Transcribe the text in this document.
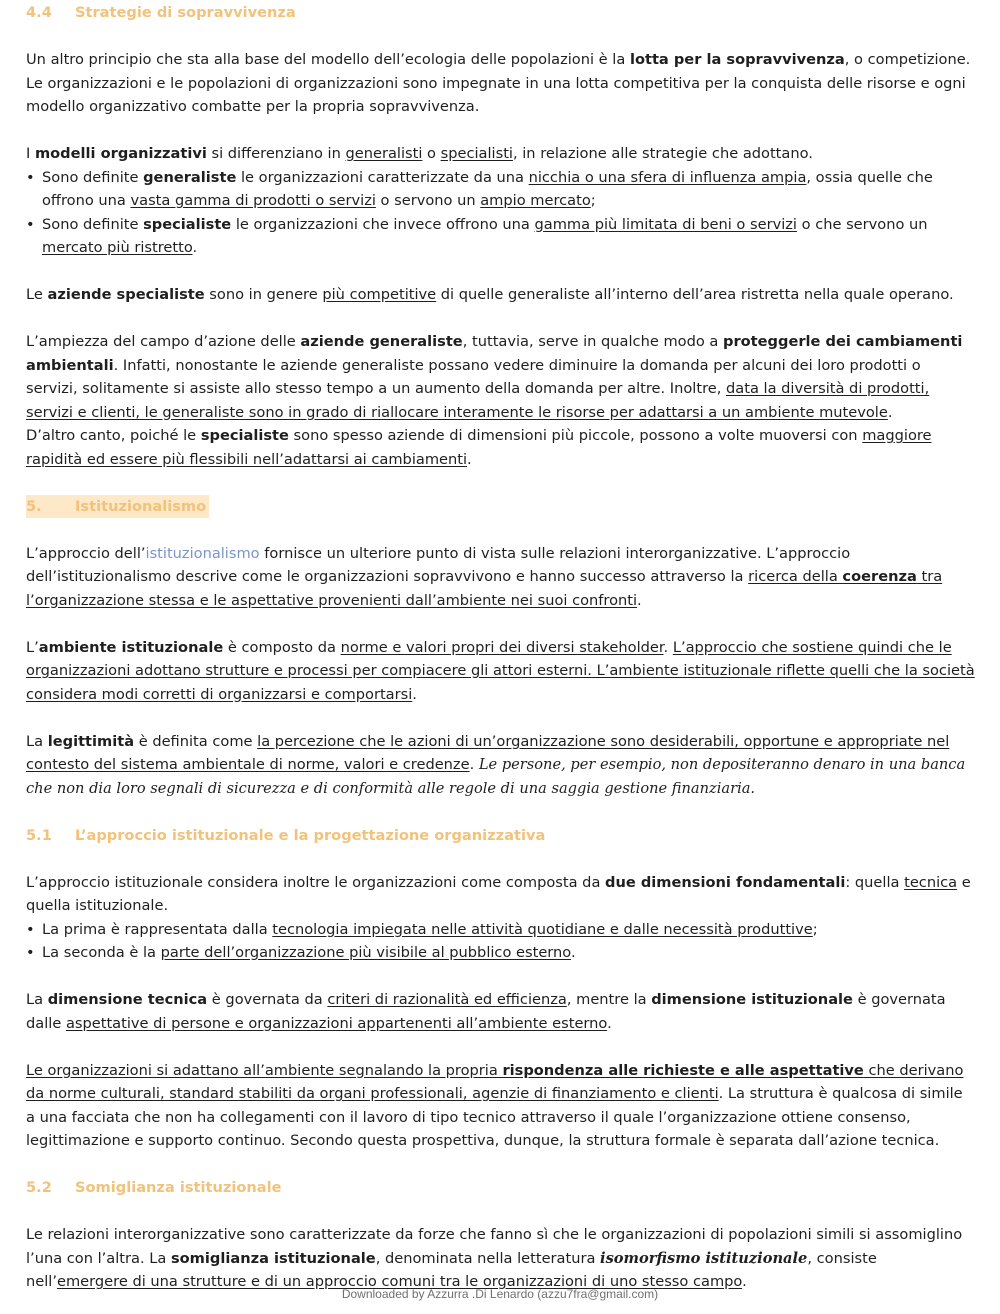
4.4 Strategie di sopravvivenza

Un altro principio che sta alla base del modello dell’ecologia delle popolazioni è la lotta per la sopravvivenza, o competizione. Le organizzazioni e le popolazioni di organizzazioni sono impegnate in una lotta competitiva per la conquista delle risorse e ogni modello organizzativo combatte per la propria sopravvivenza.

I modelli organizzativi si differenziano in generalisti o specialisti, in relazione alle strategie che adottano.

• Sono definite generaliste le organizzazioni caratterizzate da una nicchia o una sfera di influenza ampia, ossia quelle che offrono una vasta gamma di prodotti o servizi o servono un ampio mercato;
• Sono definite specialiste le organizzazioni che invece offrono una gamma più limitata di beni o servizi o che servono un mercato più ristretto.

Le aziende specialiste sono in genere più competitive di quelle generaliste all’interno dell’area ristretta nella quale operano.

L’ampiezza del campo d’azione delle aziende generaliste, tuttavia, serve in qualche modo a proteggerle dei cambiamenti ambientali. Infatti, nonostante le aziende generaliste possano vedere diminuire la domanda per alcuni dei loro prodotti o servizi, solitamente si assiste allo stesso tempo a un aumento della domanda per altre. Inoltre, data la diversità di prodotti, servizi e clienti, le generaliste sono in grado di riallocare interamente le risorse per adattarsi a un ambiente mutevole.

D’altro canto, poiché le specialiste sono spesso aziende di dimensioni più piccole, possono a volte muoversi con maggiore rapidità ed essere più flessibili nell’adattarsi ai cambiamenti.

5. Istituzionalismo

L’approccio dell’istituzionalismo fornisce un ulteriore punto di vista sulle relazioni interorganizzative. L’approccio dell’istituzionalismo descrive come le organizzazioni sopravvivono e hanno successo attraverso la ricerca della coerenza tra l’organizzazione stessa e le aspettative provenienti dall’ambiente nei suoi confronti.

L’ambiente istituzionale è composto da norme e valori propri dei diversi stakeholder. L’approccio che sostiene quindi che le organizzazioni adottano strutture e processi per compiacere gli attori esterni. L’ambiente istituzionale riflette quelli che la società considera modi corretti di organizzarsi e comportarsi.

La legittimità è definita come la percezione che le azioni di un’organizzazione sono desiderabili, opportune e appropriate nel contesto del sistema ambientale di norme, valori e credenze. Le persone, per esempio, non depositeranno denaro in una banca che non dia loro segnali di sicurezza e di conformità alle regole di una saggia gestione finanziaria.

5.1 L’approccio istituzionale e la progettazione organizzativa

L’approccio istituzionale considera inoltre le organizzazioni come composta da due dimensioni fondamentali: quella tecnica e quella istituzionale.

• La prima è rappresentata dalla tecnologia impiegata nelle attività quotidiane e dalle necessità produttive;
• La seconda è la parte dell’organizzazione più visibile al pubblico esterno.

La dimensione tecnica è governata da criteri di razionalità ed efficienza, mentre la dimensione istituzionale è governata dalle aspettative di persone e organizzazioni appartenenti all’ambiente esterno.

Le organizzazioni si adattano all’ambiente segnalando la propria rispondenza alle richieste e alle aspettative che derivano da norme culturali, standard stabiliti da organi professionali, agenzie di finanziamento e clienti. La struttura è qualcosa di simile a una facciata che non ha collegamenti con il lavoro di tipo tecnico attraverso il quale l’organizzazione ottiene consenso, legittimazione e supporto continuo. Secondo questa prospettiva, dunque, la struttura formale è separata dall’azione tecnica.

5.2 Somiglianza istituzionale

Le relazioni interorganizzative sono caratterizzate da forze che fanno sì che le organizzazioni di popolazioni simili si assomiglino l’una con l’altra. La somiglianza istituzionale, denominata nella letteratura isomorfismo istituzionale, consiste nell’emergere di una strutture e di un approccio comuni tra le organizzazioni di uno stesso campo.

Downloaded by Azzurra .Di Lenardo (azzu7fra@gmail.com)
